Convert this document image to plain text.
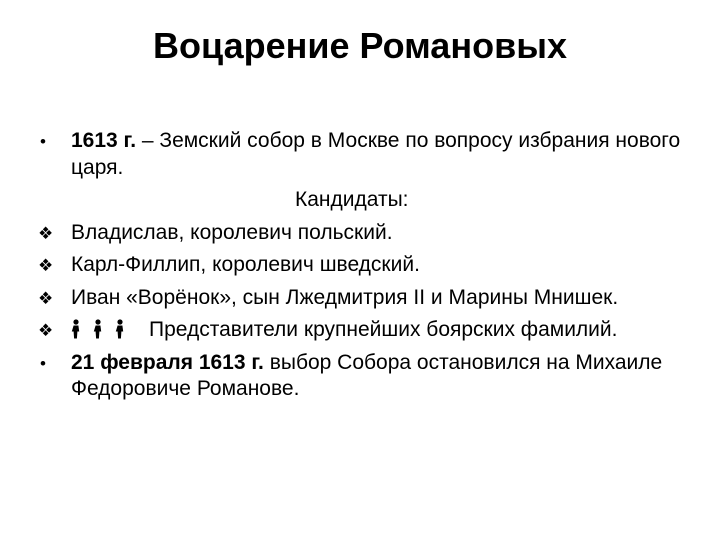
Воцарение Романовых
•	1613 г. – Земский собор в Москве по вопросу избрания нового царя.
Кандидаты:
❖ Владислав, королевич польский.
❖ Карл-Филлип, королевич шведский.
❖ Иван «Ворёнок», сын Лжедмитрия II и Марины Мнишек.
❖	Представители крупнейших боярских фамилий.
•	21 февраля 1613 г. выбор Собора остановился на Михаиле Федоровиче Романове.
